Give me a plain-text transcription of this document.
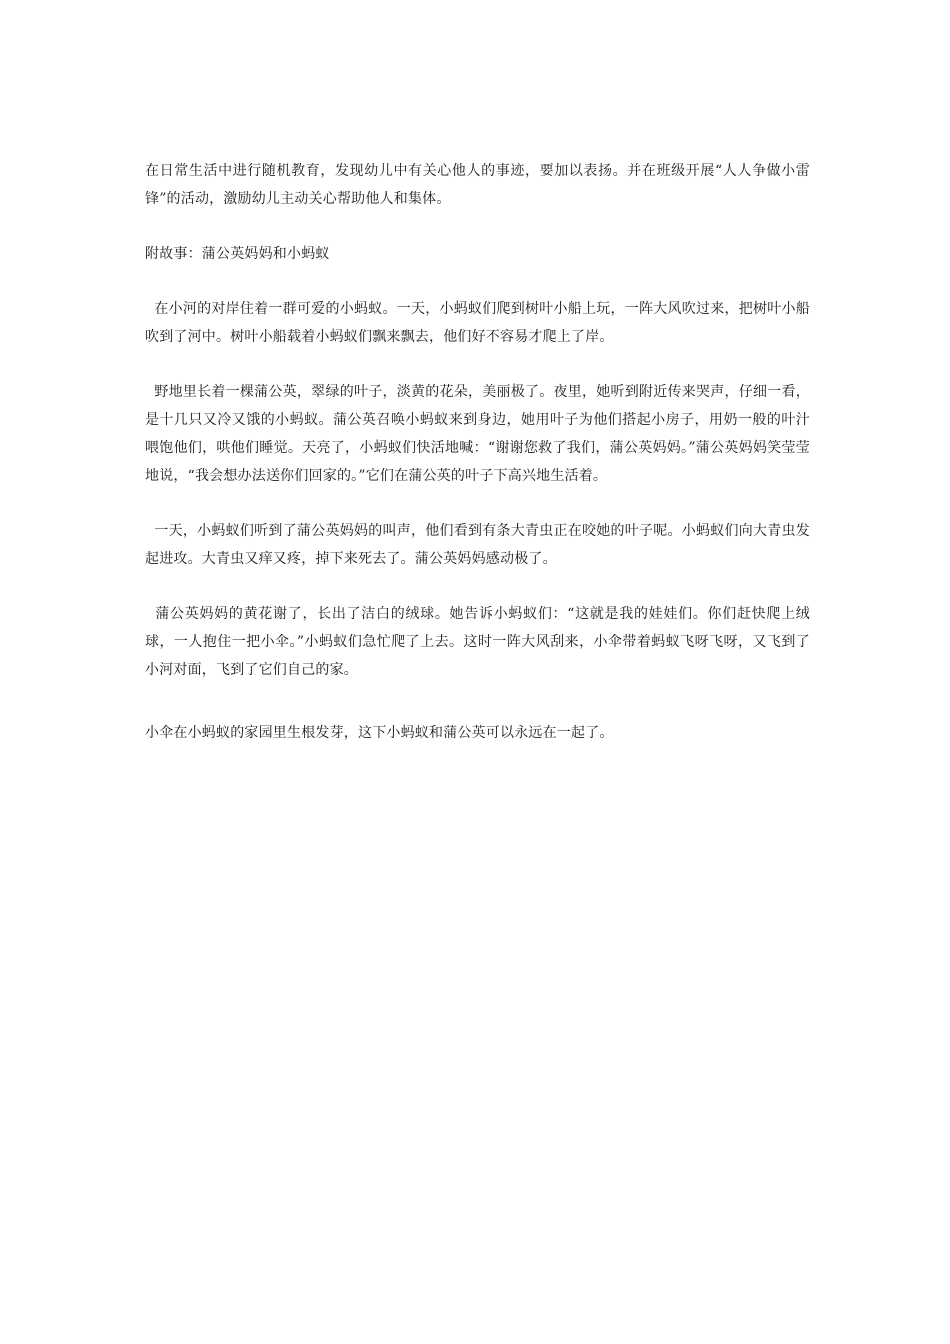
在日常生活中进行随机教育，发现幼儿中有关心他人的事迹，要加以表扬。并在班级开展“人人争做小雷锋”的活动，激励幼儿主动关心帮助他人和集体。

附故事：蒲公英妈妈和小蚂蚁

在小河的对岸住着一群可爱的小蚂蚁。一天，小蚂蚁们爬到树叶小船上玩，一阵大风吹过来，把树叶小船吹到了河中。树叶小船载着小蚂蚁们飘来飘去，他们好不容易才爬上了岸。

野地里长着一棵蒲公英，翠绿的叶子，淡黄的花朵，美丽极了。夜里，她听到附近传来哭声，仔细一看，是十几只又冷又饿的小蚂蚁。蒲公英召唤小蚂蚁来到身边，她用叶子为他们搭起小房子，用奶一般的叶汁喂饱他们，哄他们睡觉。天亮了，小蚂蚁们快活地喊：“谢谢您救了我们，蒲公英妈妈。”蒲公英妈妈笑莹莹地说，“我会想办法送你们回家的。”它们在蒲公英的叶子下高兴地生活着。

一天，小蚂蚁们听到了蒲公英妈妈的叫声，他们看到有条大青虫正在咬她的叶子呢。小蚂蚁们向大青虫发起进攻。大青虫又痒又疼，掉下来死去了。蒲公英妈妈感动极了。

蒲公英妈妈的黄花谢了，长出了洁白的绒球。她告诉小蚂蚁们：“这就是我的娃娃们。你们赶快爬上绒球，一人抱住一把小伞。”小蚂蚁们急忙爬了上去。这时一阵大风刮来，小伞带着蚂蚁飞呀飞呀，又飞到了小河对面，飞到了它们自己的家。

小伞在小蚂蚁的家园里生根发芽，这下小蚂蚁和蒲公英可以永远在一起了。
